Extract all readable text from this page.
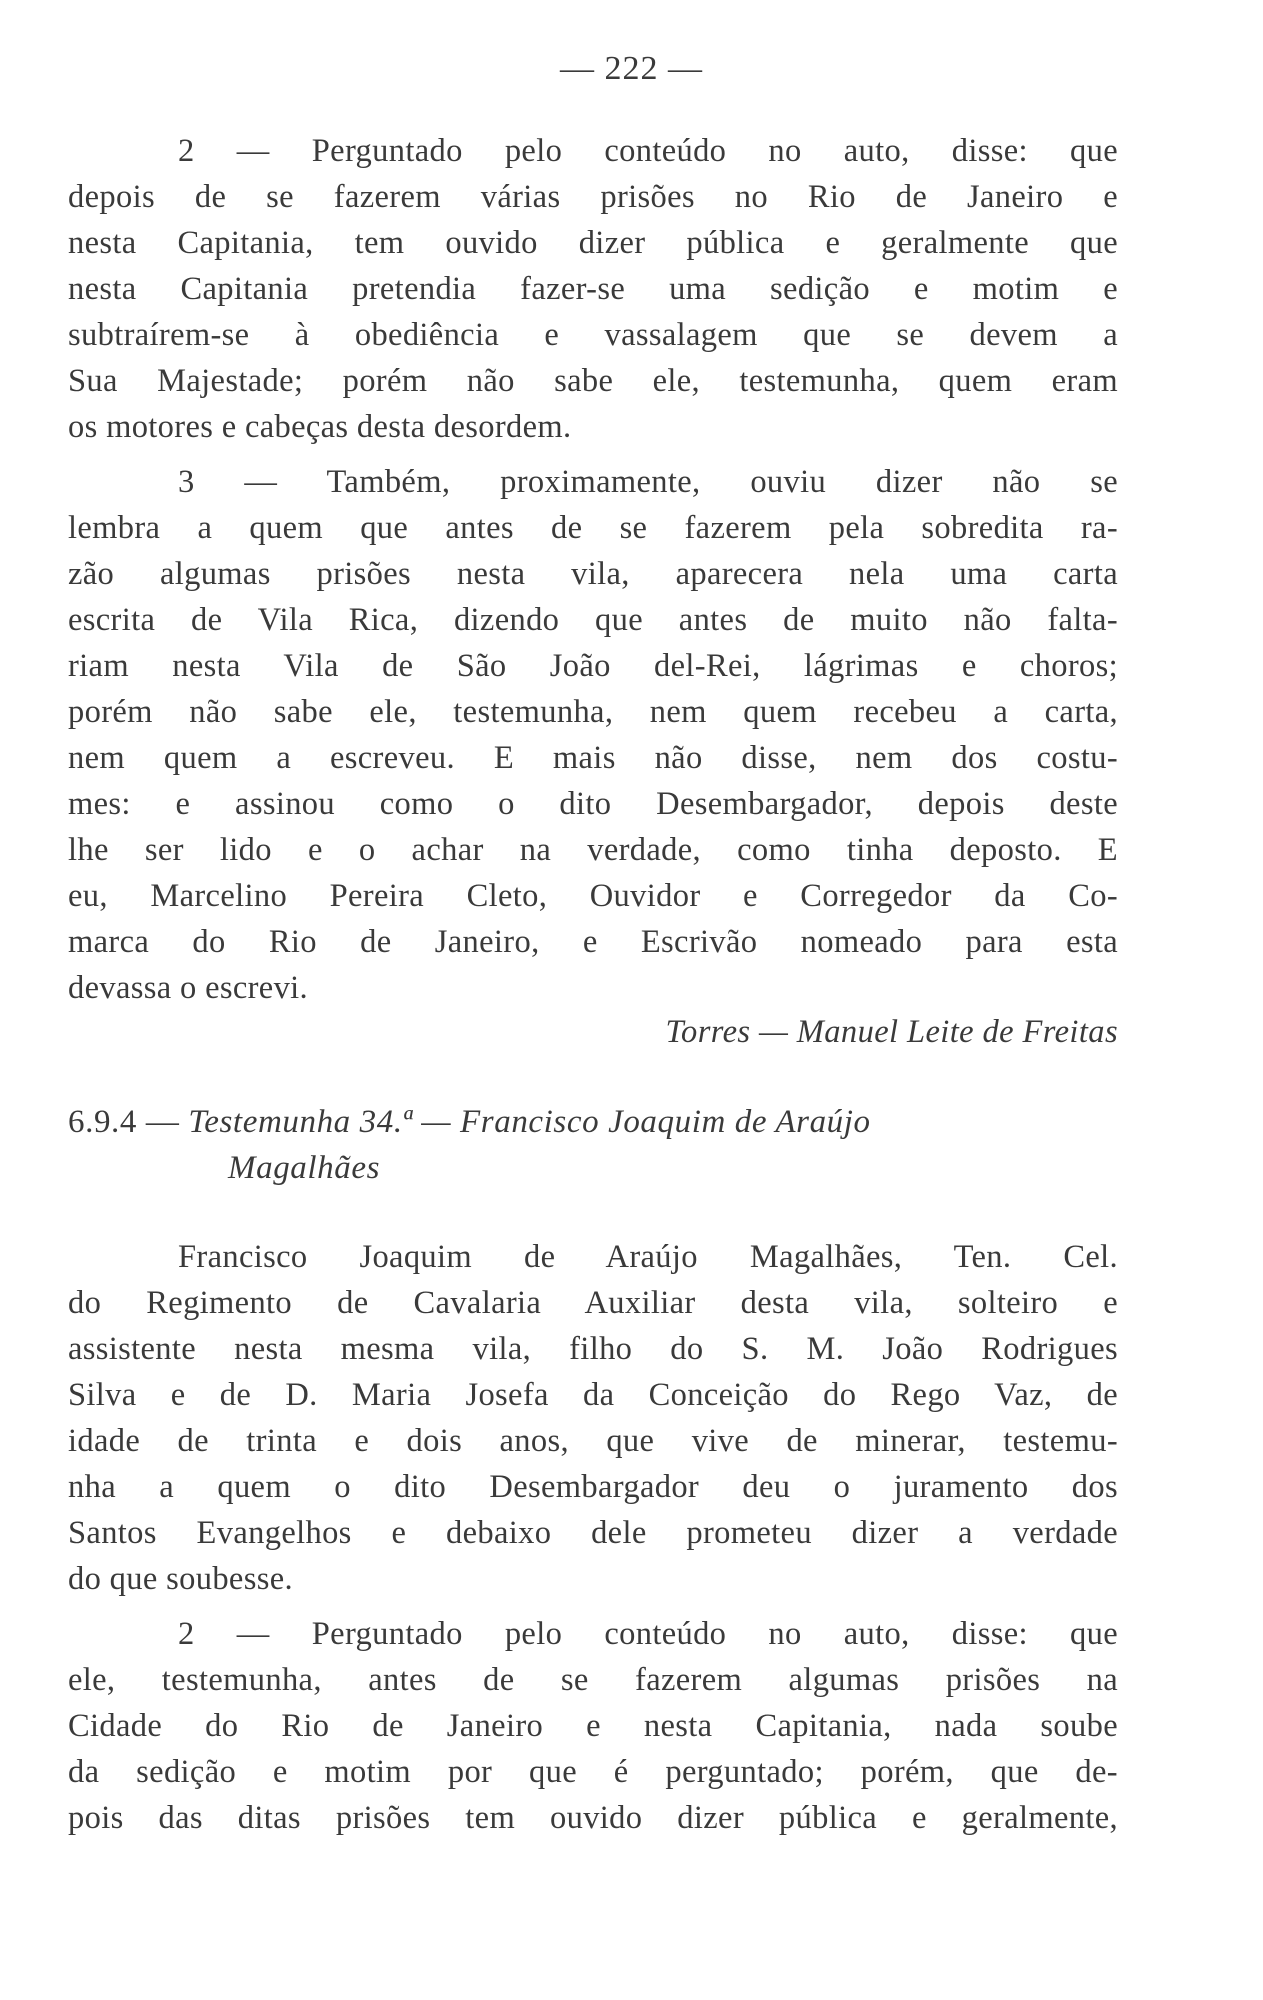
— 222 —
2 — Perguntado pelo conteúdo no auto, disse: que
depois de se fazerem várias prisões no Rio de Janeiro e
nesta Capitania, tem ouvido dizer pública e geralmente que
nesta Capitania pretendia fazer-se uma sedição e motim e
subtraírem-se à obediência e vassalagem que se devem a
Sua Majestade; porém não sabe ele, testemunha, quem eram
os motores e cabeças desta desordem.
3 — Também, proximamente, ouviu dizer não se
lembra a quem que antes de se fazerem pela sobredita ra-
zão algumas prisões nesta vila, aparecera nela uma carta
escrita de Vila Rica, dizendo que antes de muito não falta-
riam nesta Vila de São João del-Rei, lágrimas e choros;
porém não sabe ele, testemunha, nem quem recebeu a carta,
nem quem a escreveu. E mais não disse, nem dos costu-
mes: e assinou como o dito Desembargador, depois deste
lhe ser lido e o achar na verdade, como tinha deposto. E
eu, Marcelino Pereira Cleto, Ouvidor e Corregedor da Co-
marca do Rio de Janeiro, e Escrivão nomeado para esta
devassa o escrevi.
Torres — Manuel Leite de Freitas
6.9.4 — Testemunha 34.ª — Francisco Joaquim de Araújo
Magalhães
Francisco Joaquim de Araújo Magalhães, Ten. Cel.
do Regimento de Cavalaria Auxiliar desta vila, solteiro e
assistente nesta mesma vila, filho do S. M. João Rodrigues
Silva e de D. Maria Josefa da Conceição do Rego Vaz, de
idade de trinta e dois anos, que vive de minerar, testemu-
nha a quem o dito Desembargador deu o juramento dos
Santos Evangelhos e debaixo dele prometeu dizer a verdade
do que soubesse.
2 — Perguntado pelo conteúdo no auto, disse: que
ele, testemunha, antes de se fazerem algumas prisões na
Cidade do Rio de Janeiro e nesta Capitania, nada soube
da sedição e motim por que é perguntado; porém, que de-
pois das ditas prisões tem ouvido dizer pública e geralmente,
